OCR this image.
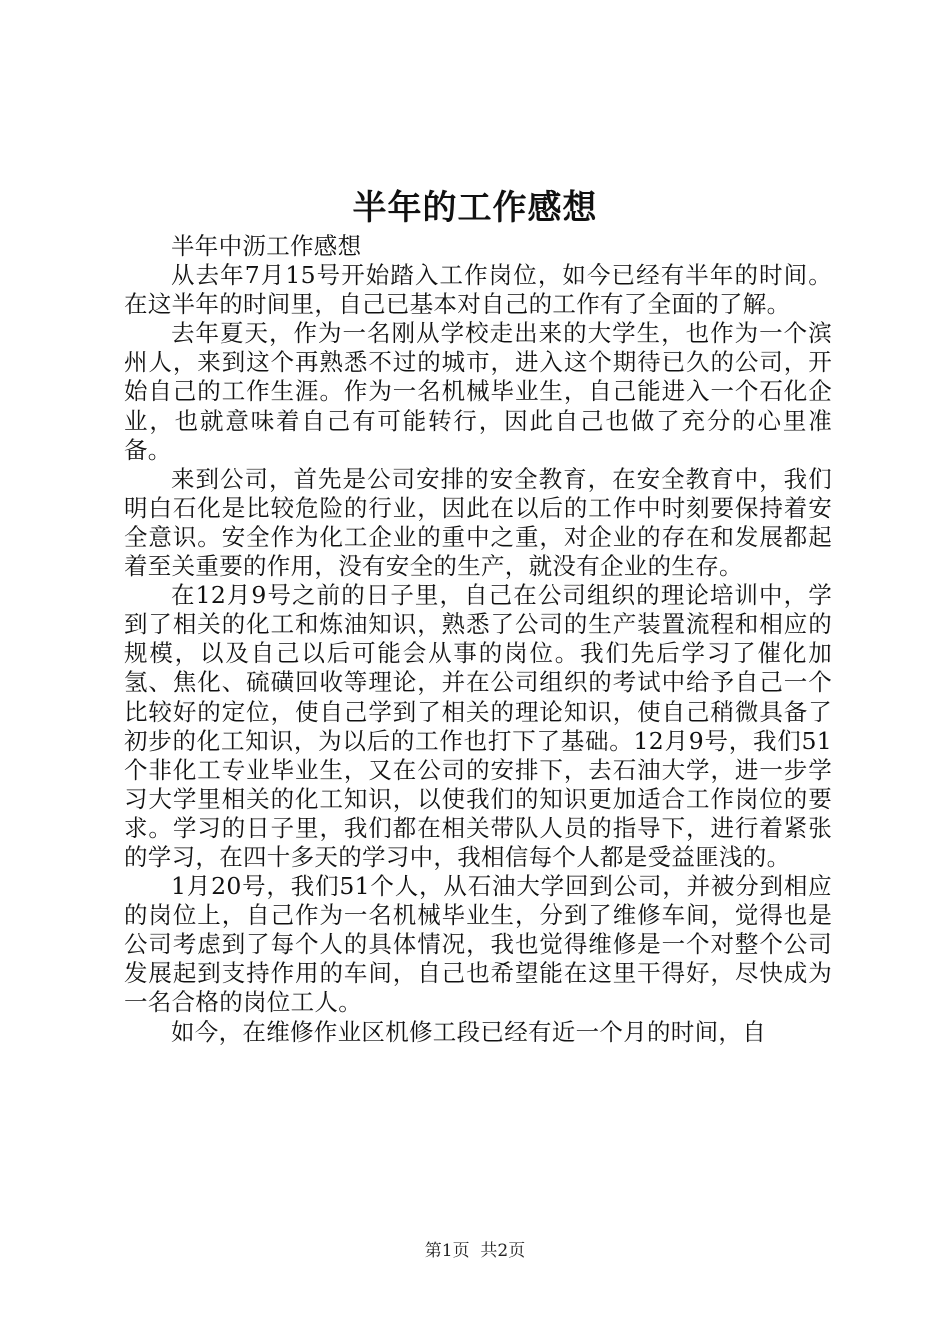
半年的工作感想

半年中沥工作感想

从去年7月15号开始踏入工作岗位，如今已经有半年的时间。在这半年的时间里，自己已基本对自己的工作有了全面的了解。

去年夏天，作为一名刚从学校走出来的大学生，也作为一个滨州人，来到这个再熟悉不过的城市，进入这个期待已久的公司，开始自己的工作生涯。作为一名机械毕业生，自己能进入一个石化企业，也就意味着自己有可能转行，因此自己也做了充分的心里准备。

来到公司，首先是公司安排的安全教育，在安全教育中，我们明白石化是比较危险的行业，因此在以后的工作中时刻要保持着安全意识。安全作为化工企业的重中之重，对企业的存在和发展都起着至关重要的作用，没有安全的生产，就没有企业的生存。

在12月9号之前的日子里，自己在公司组织的理论培训中，学到了相关的化工和炼油知识，熟悉了公司的生产装置流程和相应的规模，以及自己以后可能会从事的岗位。我们先后学习了催化加氢、焦化、硫磺回收等理论，并在公司组织的考试中给予自己一个比较好的定位，使自己学到了相关的理论知识，使自己稍微具备了初步的化工知识，为以后的工作也打下了基础。12月9号，我们51个非化工专业毕业生，又在公司的安排下，去石油大学，进一步学习大学里相关的化工知识，以使我们的知识更加适合工作岗位的要求。学习的日子里，我们都在相关带队人员的指导下，进行着紧张的学习，在四十多天的学习中，我相信每个人都是受益匪浅的。

1月20号，我们51个人，从石油大学回到公司，并被分到相应的岗位上，自己作为一名机械毕业生，分到了维修车间，觉得也是公司考虑到了每个人的具体情况，我也觉得维修是一个对整个公司发展起到支持作用的车间，自己也希望能在这里干得好，尽快成为一名合格的岗位工人。

如今，在维修作业区机修工段已经有近一个月的时间，自

第1页 共2页
